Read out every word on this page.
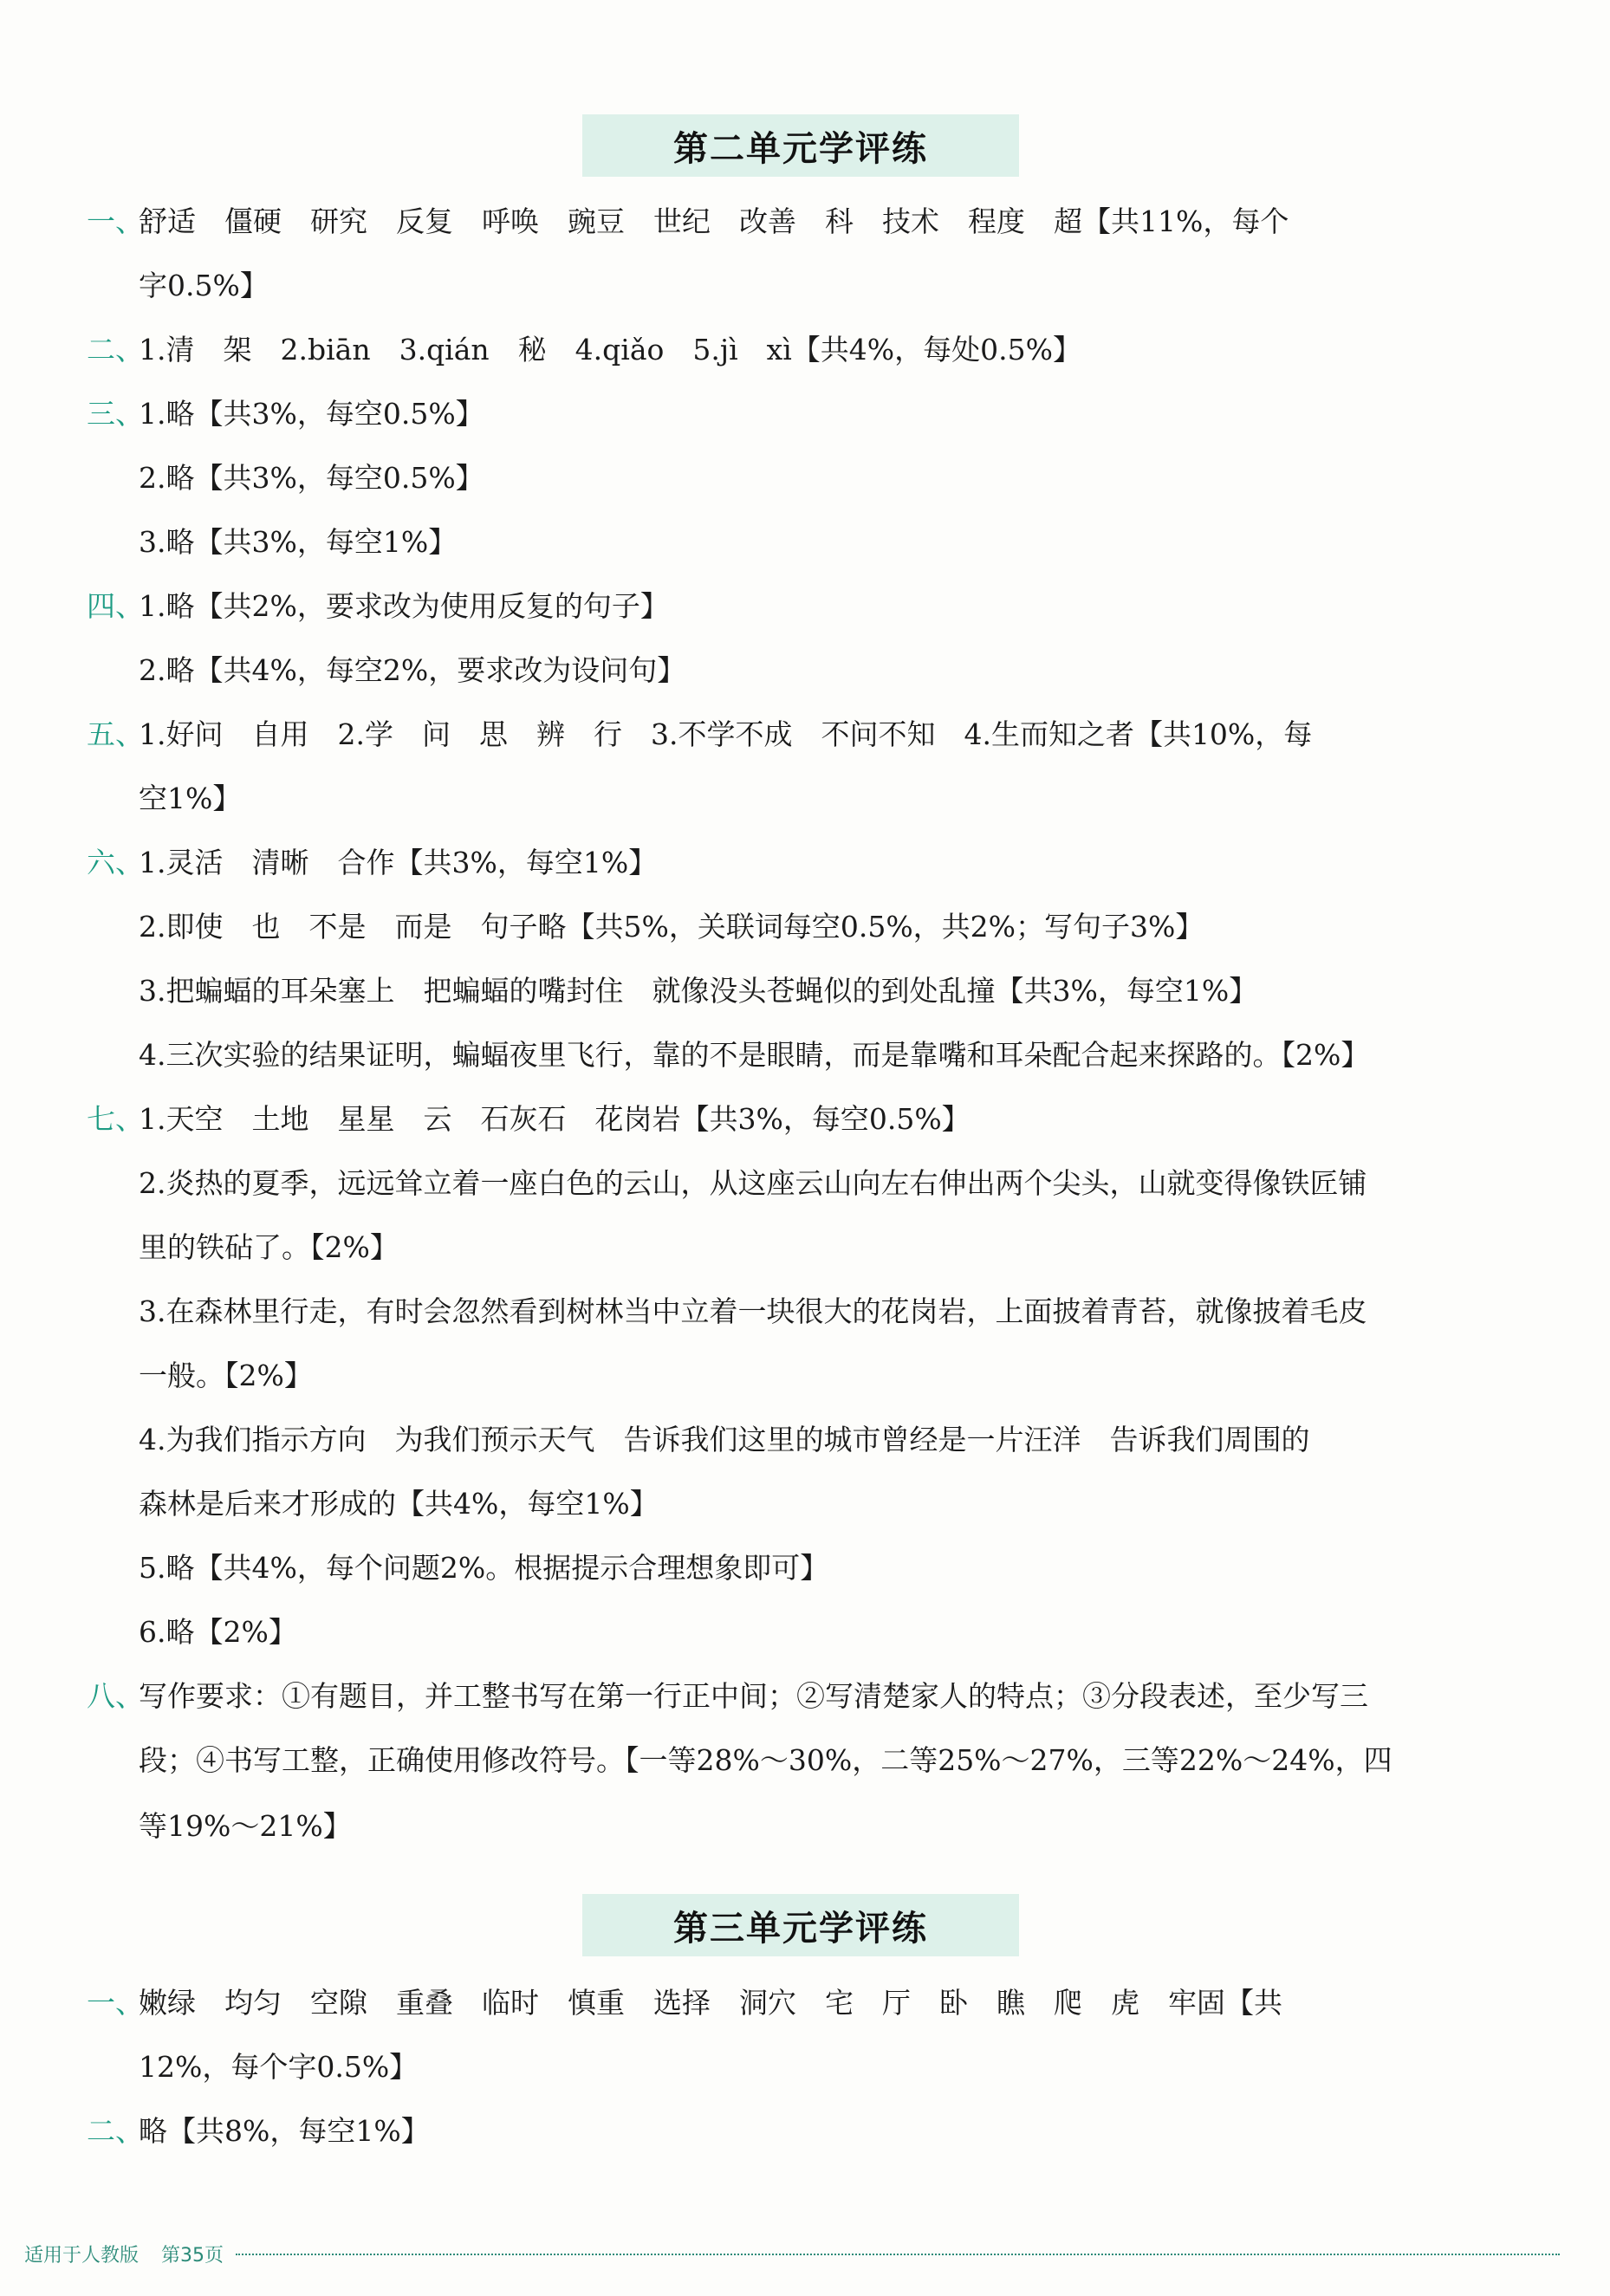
第二单元学评练
一、舒适　僵硬　研究　反复　呼唤　豌豆　世纪　改善　科　技术　程度　超【共11%，每个
字0.5%】
二、1.清　架　2.biān　3.qián　秘　4.qiǎo　5.jì　xì【共4%，每处0.5%】
三、1.略【共3%，每空0.5%】
2.略【共3%，每空0.5%】
3.略【共3%，每空1%】
四、1.略【共2%，要求改为使用反复的句子】
2.略【共4%，每空2%，要求改为设问句】
五、1.好问　自用　2.学　问　思　辨　行　3.不学不成　不问不知　4.生而知之者【共10%，每
空1%】
六、1.灵活　清晰　合作【共3%，每空1%】
2.即使　也　不是　而是　句子略【共5%，关联词每空0.5%，共2%；写句子3%】
3.把蝙蝠的耳朵塞上　把蝙蝠的嘴封住　就像没头苍蝇似的到处乱撞【共3%，每空1%】
4.三次实验的结果证明，蝙蝠夜里飞行，靠的不是眼睛，而是靠嘴和耳朵配合起来探路的。【2%】
七、1.天空　土地　星星　云　石灰石　花岗岩【共3%，每空0.5%】
2.炎热的夏季，远远耸立着一座白色的云山，从这座云山向左右伸出两个尖头，山就变得像铁匠铺
里的铁砧了。【2%】
3.在森林里行走，有时会忽然看到树林当中立着一块很大的花岗岩，上面披着青苔，就像披着毛皮
一般。【2%】
4.为我们指示方向　为我们预示天气　告诉我们这里的城市曾经是一片汪洋　告诉我们周围的
森林是后来才形成的【共4%，每空1%】
5.略【共4%，每个问题2%。根据提示合理想象即可】
6.略【2%】
八、写作要求：①有题目，并工整书写在第一行正中间；②写清楚家人的特点；③分段表述，至少写三
段；④书写工整，正确使用修改符号。【一等28%～30%，二等25%～27%，三等22%～24%，四
等19%～21%】
第三单元学评练
一、嫩绿　均匀　空隙　重叠　临时　慎重　选择　洞穴　宅　厅　卧　瞧　爬　虎　牢固【共
12%，每个字0.5%】
二、略【共8%，每空1%】
适用于人教版 第35页
